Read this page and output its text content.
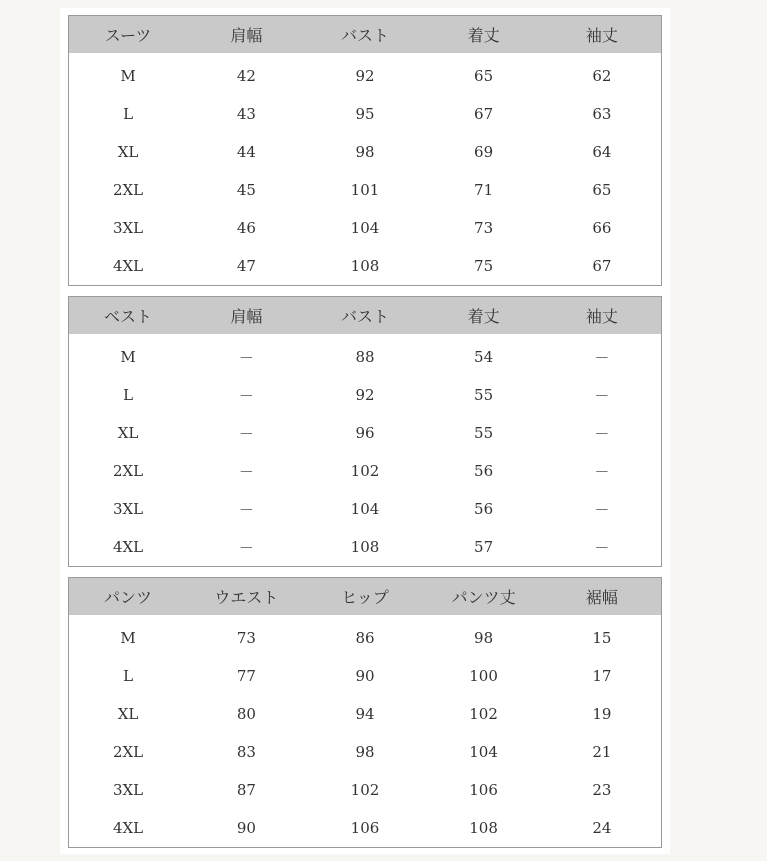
スーツ	肩幅	バスト	着丈	袖丈
M	42	92	65	62
L	43	95	67	63
XL	44	98	69	64
2XL	45	101	71	65
3XL	46	104	73	66
4XL	47	108	75	67
ベスト	肩幅	バスト	着丈	袖丈
M	－	88	54	－
L	－	92	55	－
XL	－	96	55	－
2XL	－	102	56	－
3XL	－	104	56	－
4XL	－	108	57	－
パンツ	ウエスト	ヒップ	パンツ丈	裾幅
M	73	86	98	15
L	77	90	100	17
XL	80	94	102	19
2XL	83	98	104	21
3XL	87	102	106	23
4XL	90	106	108	24
